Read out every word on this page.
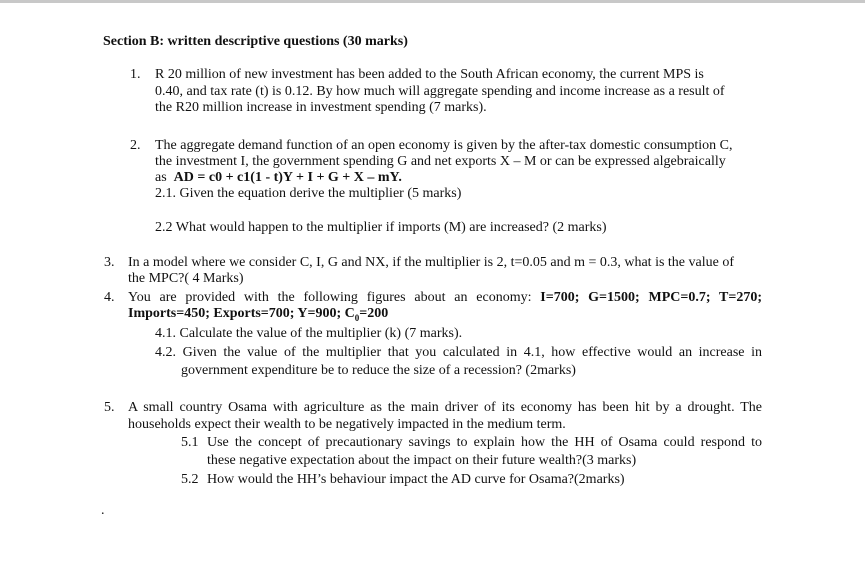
Section B: written descriptive questions (30 marks)
1. R 20 million of new investment has been added to the South African economy, the current MPS is
0.40, and tax rate (t) is 0.12. By how much will aggregate spending and income increase as a result of
the R20 million increase in investment spending (7 marks).
2. The aggregate demand function of an open economy is given by the after-tax domestic consumption C,
the investment I, the government spending G and net exports X – M or can be expressed algebraically
as AD = c0 + c1(1 - t)Y + I + G + X – mY.
2.1. Given the equation derive the multiplier (5 marks)
2.2 What would happen to the multiplier if imports (M) are increased? (2 marks)
3. In a model where we consider C, I, G and NX, if the multiplier is 2, t=0.05 and m = 0.3, what is the value of
the MPC?( 4 Marks)
4. You are provided with the following figures about an economy: I=700; G=1500; MPC=0.7; T=270;
Imports=450; Exports=700; Y=900; $C_0=200$
4.1. Calculate the value of the multiplier (k) (7 marks).
4.2. Given the value of the multiplier that you calculated in 4.1, how effective would an increase in
government expenditure be to reduce the size of a recession? (2marks)
5. A small country Osama with agriculture as the main driver of its economy has been hit by a drought. The
households expect their wealth to be negatively impacted in the medium term.
5.1 Use the concept of precautionary savings to explain how the HH of Osama could respond to
these negative expectation about the impact on their future wealth?(3 marks)
5.2 How would the HH’s behaviour impact the AD curve for Osama?(2marks)
.
